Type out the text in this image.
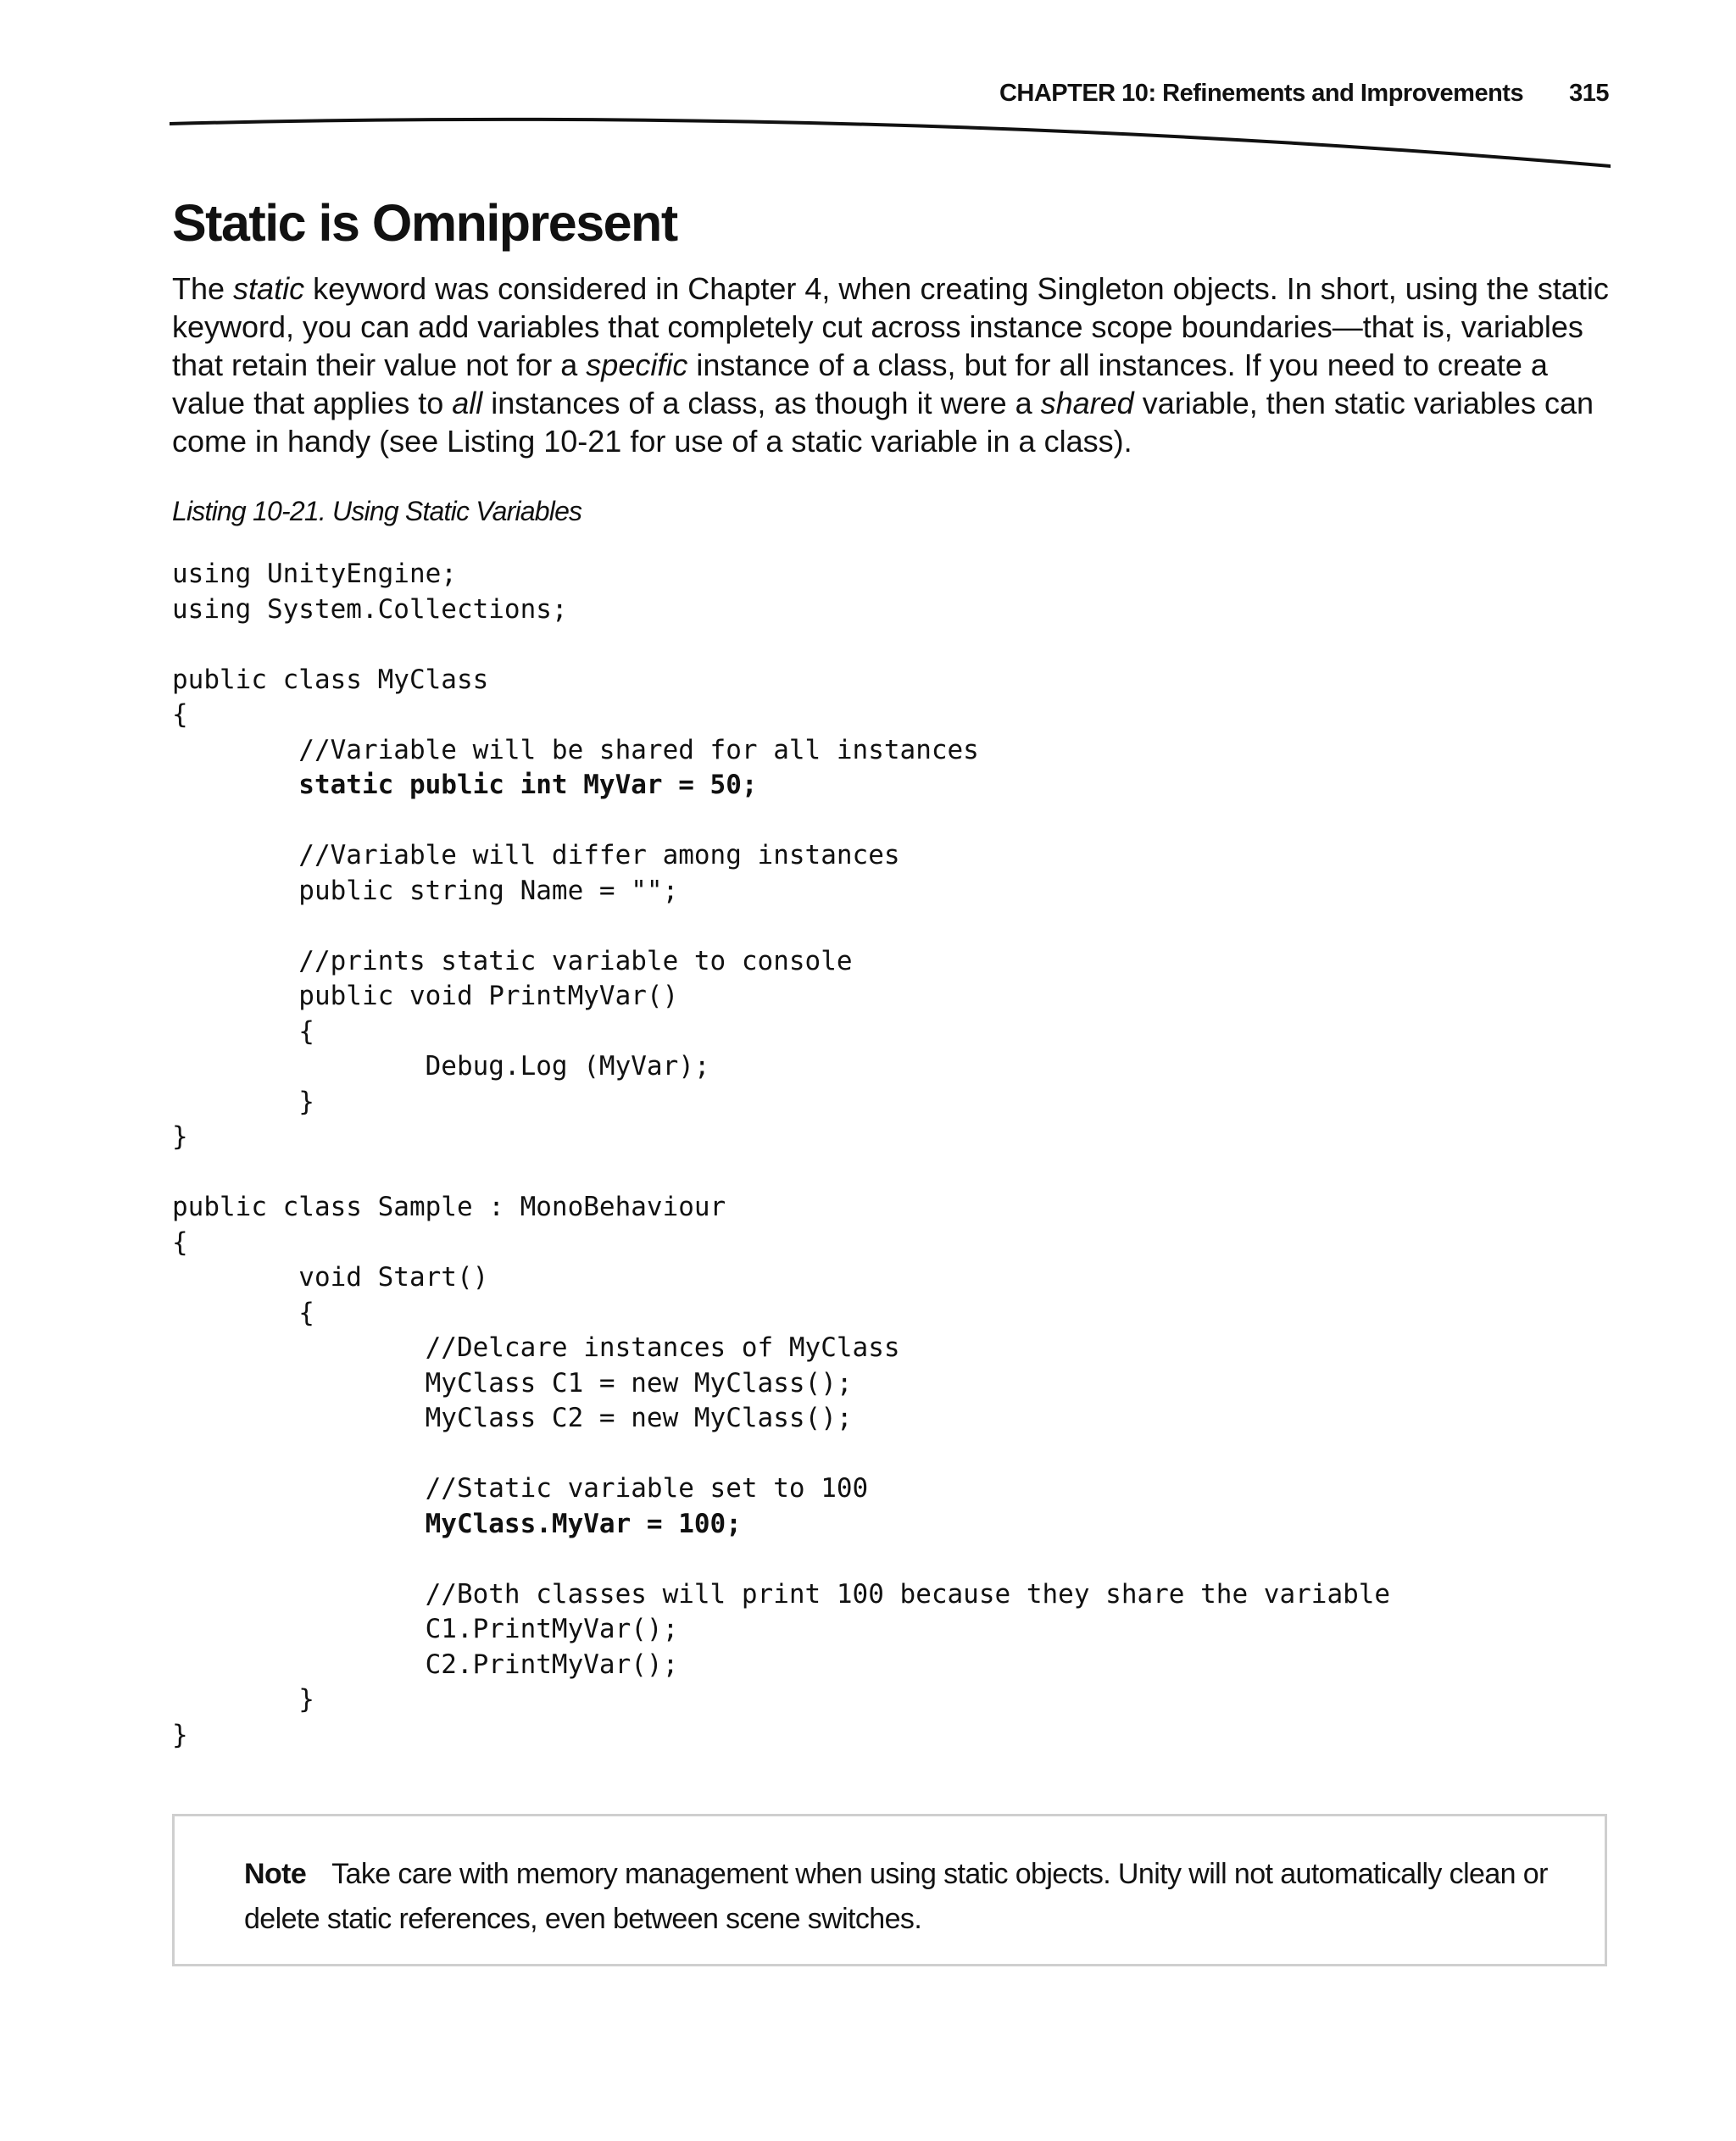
CHAPTER 10: Refinements and Improvements 315
Static is Omnipresent

The static keyword was considered in Chapter 4, when creating Singleton objects. In short, using the static keyword, you can add variables that completely cut across instance scope boundaries—that is, variables that retain their value not for a specific instance of a class, but for all instances. If you need to create a value that applies to all instances of a class, as though it were a shared variable, then static variables can come in handy (see Listing 10-21 for use of a static variable in a class).

Listing 10-21. Using Static Variables

using UnityEngine;
using System.Collections;
public class MyClass
{
//Variable will be shared for all instances
static public int MyVar = 50;
//Variable will differ among instances
public string Name = "";
//prints static variable to console
public void PrintMyVar()
{
Debug.Log (MyVar);
}
}
public class Sample : MonoBehaviour
{
void Start()
{
//Delcare instances of MyClass
MyClass C1 = new MyClass();
MyClass C2 = new MyClass();
//Static variable set to 100
MyClass.MyVar = 100;
//Both classes will print 100 because they share the variable
C1.PrintMyVar();
C2.PrintMyVar();
}
}

Note Take care with memory management when using static objects. Unity will not automatically clean or delete static references, even between scene switches.
